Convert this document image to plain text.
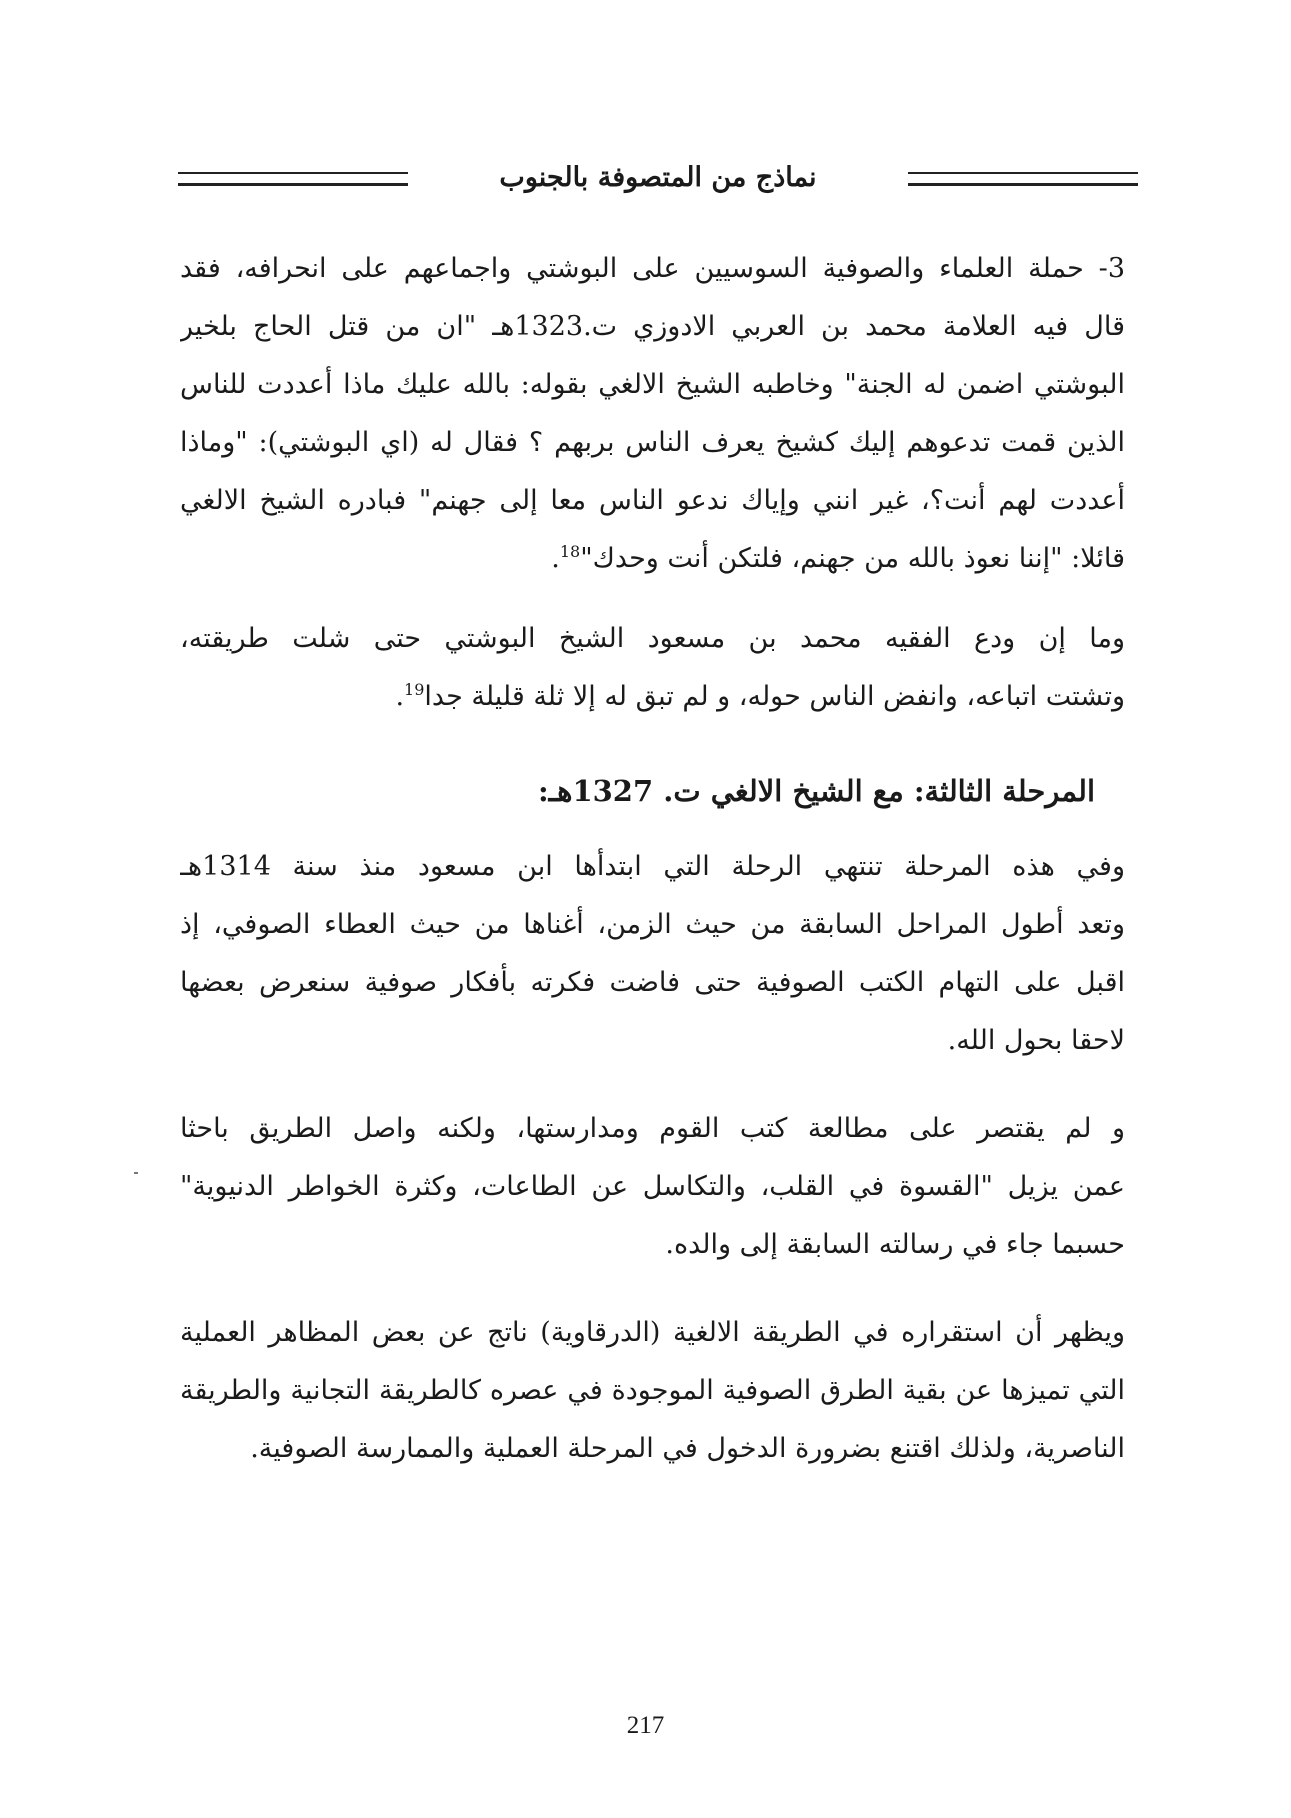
نماذج من المتصوفة بالجنوب
3- حملة العلماء والصوفية السوسيين على البوشتي واجماعهم على انحرافه، فقد
قال فيه العلامة محمد بن العربي الادوزي ت.1323هـ "ان من قتل الحاج بلخير
البوشتي اضمن له الجنة" وخاطبه الشيخ الالغي بقوله: بالله عليك ماذا أعددت للناس
الذين قمت تدعوهم إليك كشيخ يعرف الناس بربهم ؟ فقال له (اي البوشتي): "وماذا
أعددت لهم أنت؟، غير انني وإياك ندعو الناس معا إلى جهنم" فبادره الشيخ الالغي
قائلا: "إننا نعوذ بالله من جهنم، فلتكن أنت وحدك"$^{18}$.
وما إن ودع الفقيه محمد بن مسعود الشيخ البوشتي حتى شلت طريقته،
وتشتت اتباعه، وانفض الناس حوله، و لم تبق له إلا ثلة قليلة جدا$^{19}$.
المرحلة الثالثة: مع الشيخ الالغي ت. 1327هـ:
وفي هذه المرحلة تنتهي الرحلة التي ابتدأها ابن مسعود منذ سنة 1314هـ
وتعد أطول المراحل السابقة من حيث الزمن، أغناها من حيث العطاء الصوفي، إذ
اقبل على التهام الكتب الصوفية حتى فاضت فكرته بأفكار صوفية سنعرض بعضها
لاحقا بحول الله.
و لم يقتصر على مطالعة كتب القوم ومدارستها، ولكنه واصل الطريق باحثا
عمن يزيل "القسوة في القلب، والتكاسل عن الطاعات، وكثرة الخواطر الدنيوية"
حسبما جاء في رسالته السابقة إلى والده.
ويظهر أن استقراره في الطريقة الالغية (الدرقاوية) ناتج عن بعض المظاهر العملية
التي تميزها عن بقية الطرق الصوفية الموجودة في عصره كالطريقة التجانية والطريقة
الناصرية، ولذلك اقتنع بضرورة الدخول في المرحلة العملية والممارسة الصوفية.
217
